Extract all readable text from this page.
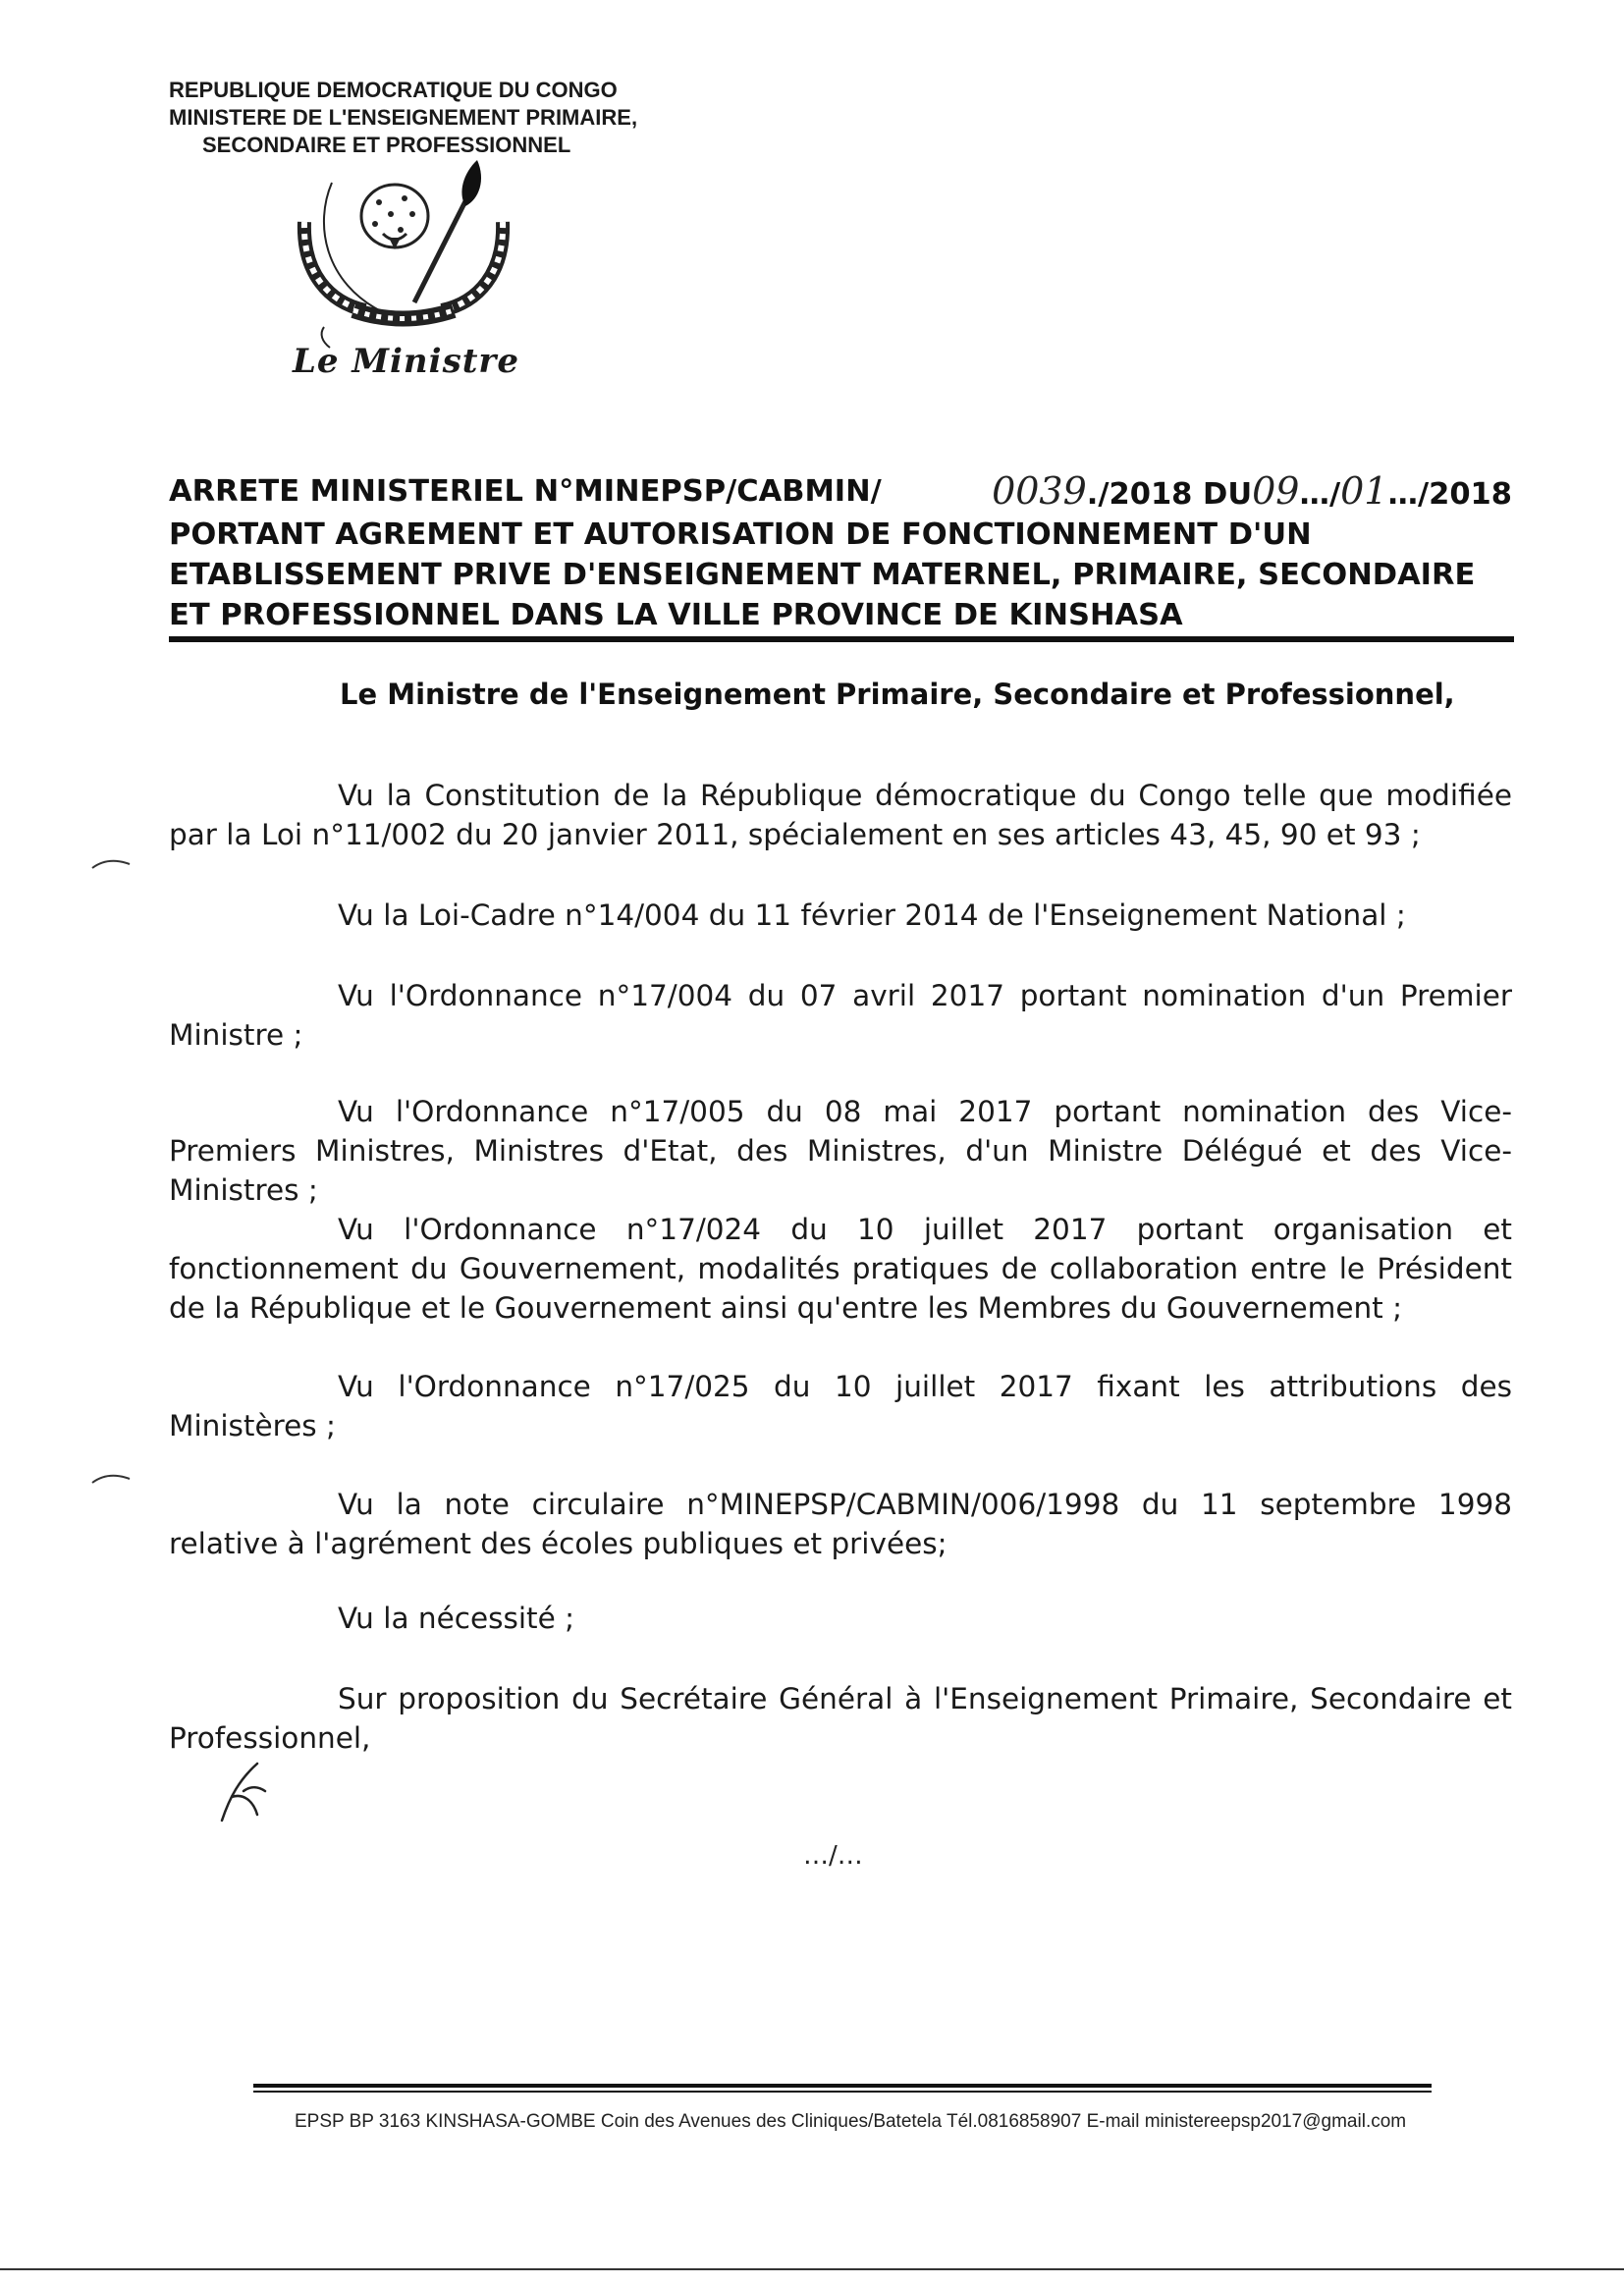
REPUBLIQUE DEMOCRATIQUE DU CONGO
MINISTERE DE L'ENSEIGNEMENT PRIMAIRE,
SECONDAIRE ET PROFESSIONNEL
Le Ministre
ARRETE MINISTERIEL N°MINEPSP/CABMIN/	0039./2018 DU09…/01…/2018
PORTANT AGREMENT ET AUTORISATION DE FONCTIONNEMENT D'UN
ETABLISSEMENT PRIVE D'ENSEIGNEMENT MATERNEL, PRIMAIRE, SECONDAIRE
ET PROFESSIONNEL DANS LA VILLE PROVINCE DE KINSHASA
Le Ministre de l'Enseignement Primaire, Secondaire et Professionnel,
Vu la Constitution de la République démocratique du Congo telle que modifiée par la Loi n°11/002 du 20 janvier 2011, spécialement en ses articles 43, 45, 90 et 93 ;
Vu la Loi-Cadre n°14/004 du 11 février 2014 de l'Enseignement National ;
Vu l'Ordonnance n°17/004 du 07 avril 2017 portant nomination d'un Premier Ministre ;
Vu l'Ordonnance n°17/005 du 08 mai 2017 portant nomination des Vice-Premiers Ministres, Ministres d'Etat, des Ministres, d'un Ministre Délégué et des Vice-Ministres ;
Vu l'Ordonnance n°17/024 du 10 juillet 2017 portant organisation et fonctionnement du Gouvernement, modalités pratiques de collaboration entre le Président de la République et le Gouvernement ainsi qu'entre les Membres du Gouvernement ;
Vu l'Ordonnance n°17/025 du 10 juillet 2017 fixant les attributions des Ministères ;
Vu la note circulaire n°MINEPSP/CABMIN/006/1998 du 11 septembre 1998 relative à l'agrément des écoles publiques et privées;
Vu la nécessité ;
Sur proposition du Secrétaire Général à l'Enseignement Primaire, Secondaire et Professionnel,
…/…
EPSP BP 3163 KINSHASA-GOMBE Coin des Avenues des Cliniques/Batetela Tél.0816858907 E-mail ministereepsp2017@gmail.com
